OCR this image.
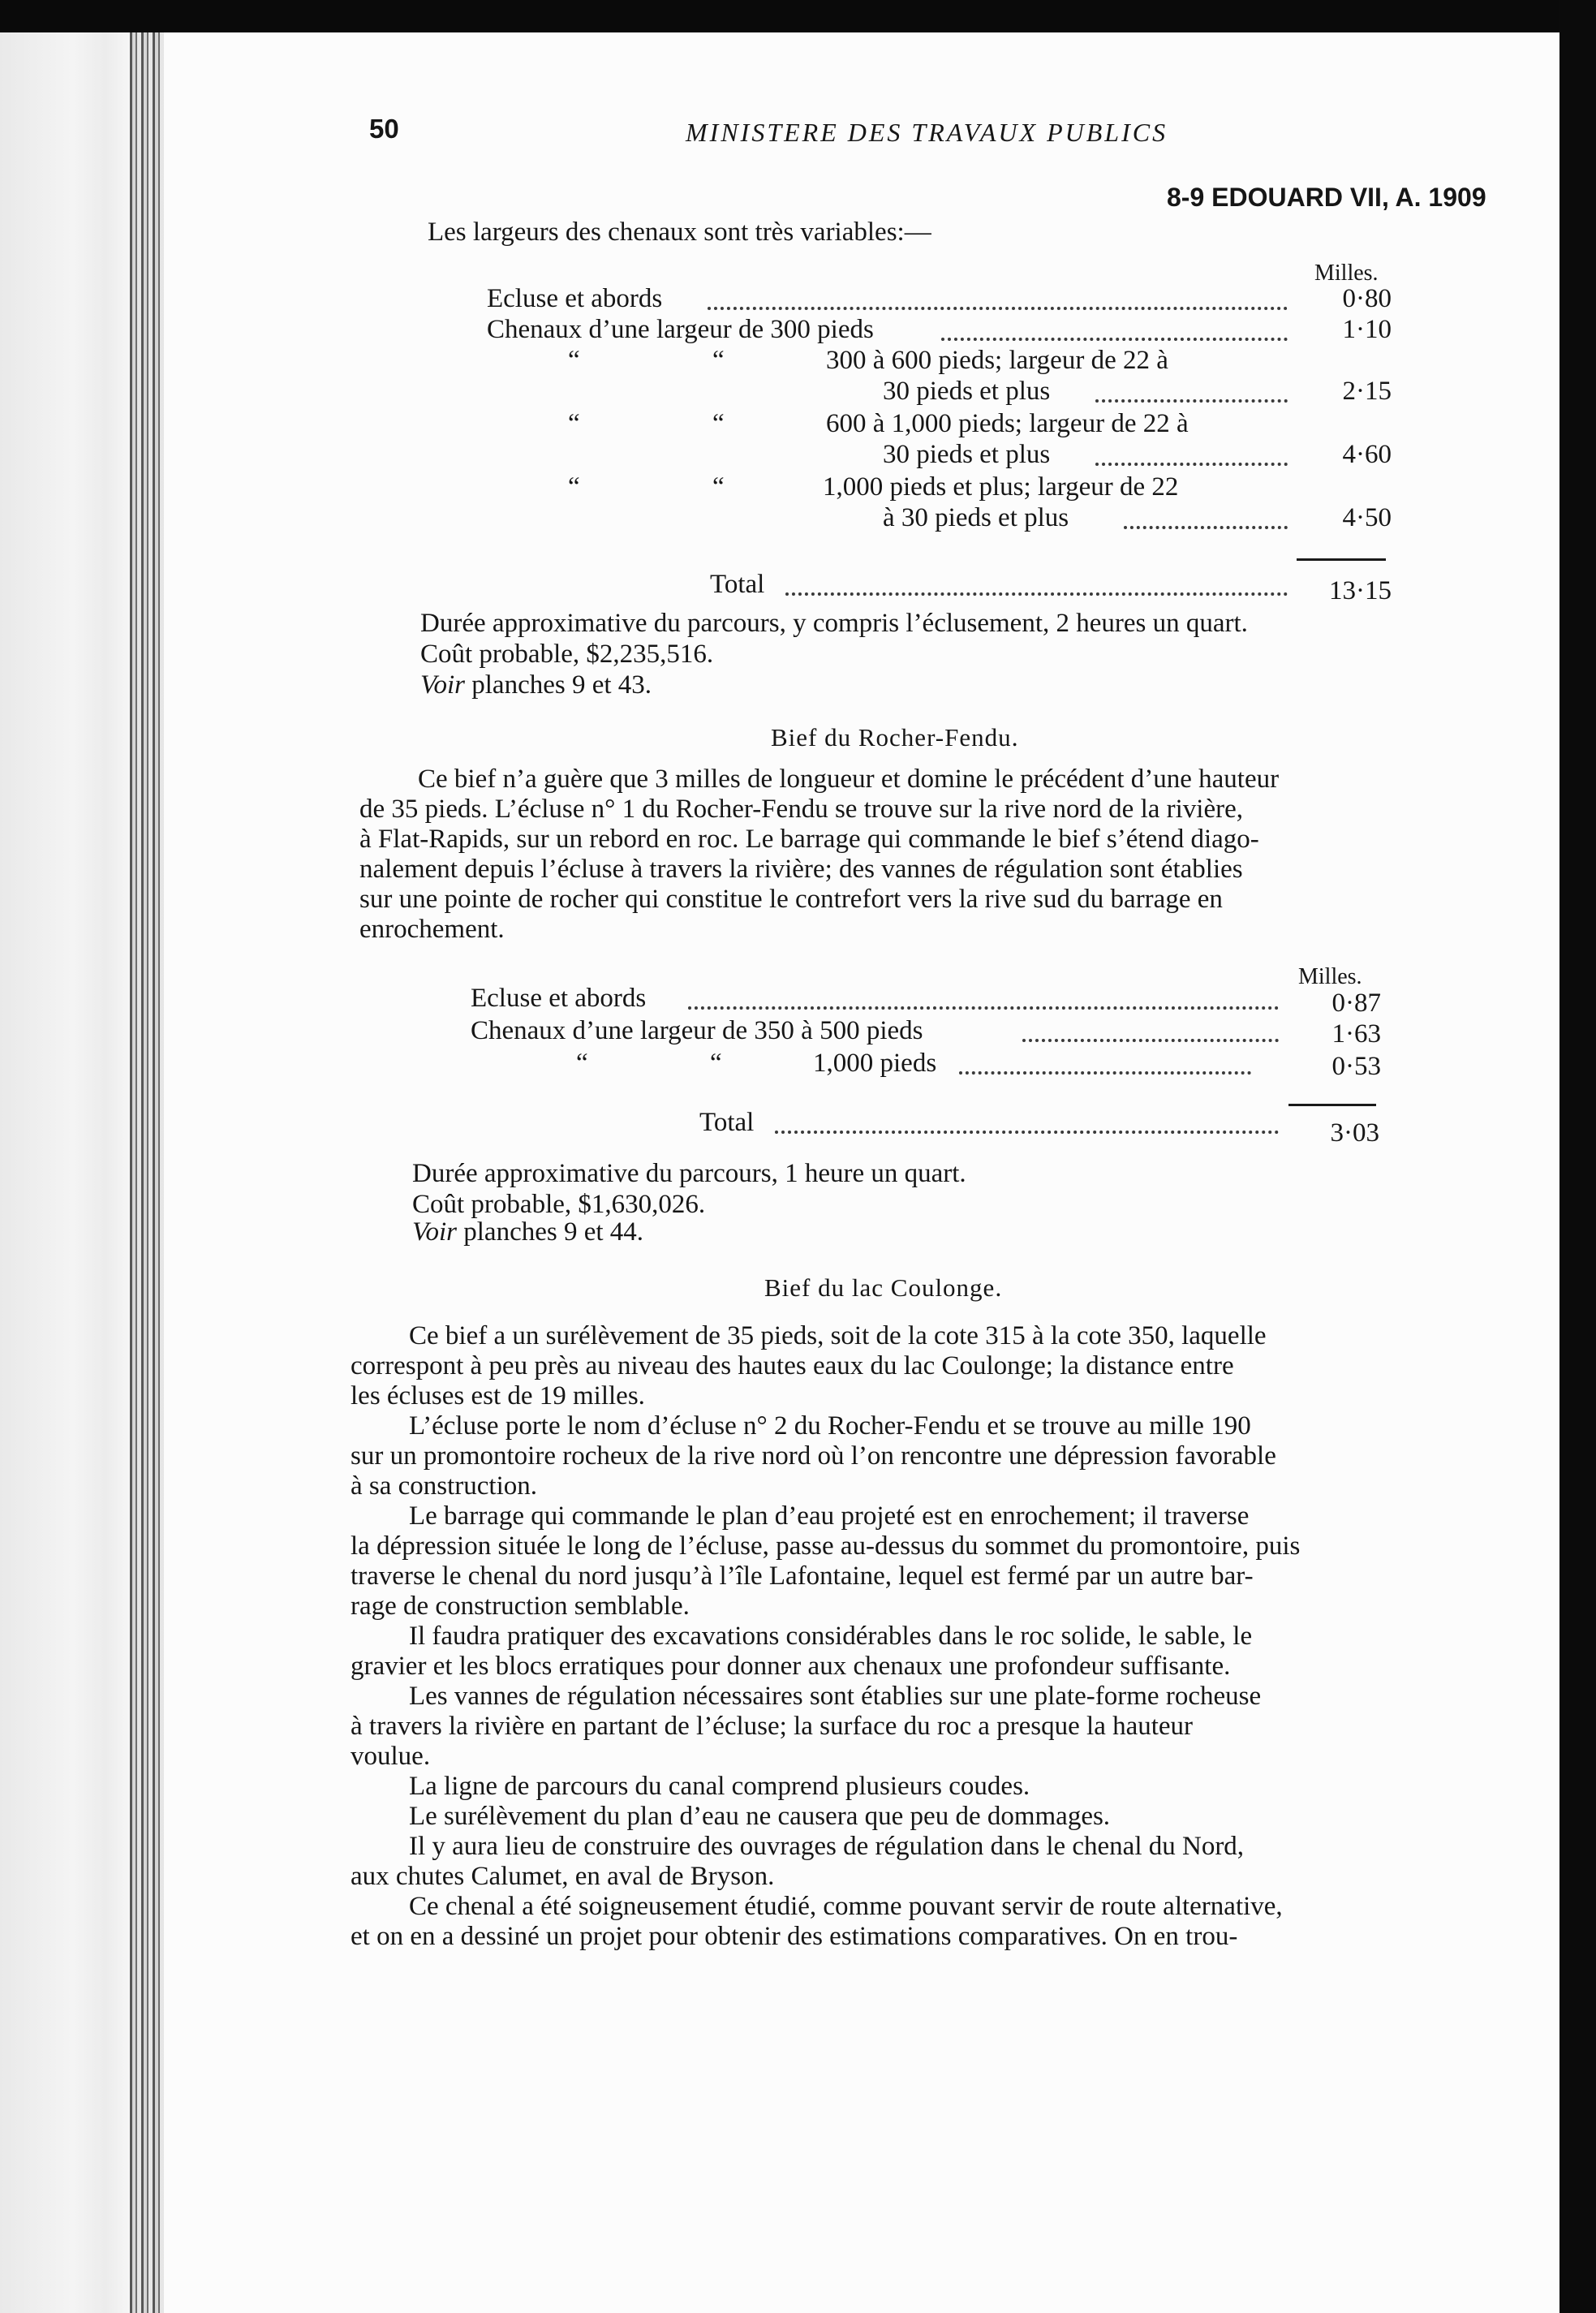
50	MINISTERE DES TRAVAUX PUBLICS
8-9 EDOUARD VII, A. 1909
Les largeurs des chenaux sont très variables:—
Milles.
Ecluse et abords	0·80
Chenaux d’une largeur de 300 pieds	1·10
“	“	300 à 600 pieds; largeur de 22 à
30 pieds et plus	2·15
“	“	600 à 1,000 pieds; largeur de 22 à
30 pieds et plus	4·60
“	“	1,000 pieds et plus; largeur de 22
à 30 pieds et plus	4·50
Total	13·15
Durée approximative du parcours, y compris l’éclusement, 2 heures un quart.
Coût probable, $2,235,516.
Voir planches 9 et 43.
Bief du Rocher-Fendu.
Ce bief n’a guère que 3 milles de longueur et domine le précédent d’une hauteur
de 35 pieds. L’écluse n° 1 du Rocher-Fendu se trouve sur la rive nord de la rivière,
à Flat-Rapids, sur un rebord en roc. Le barrage qui commande le bief s’étend diago-
nalement depuis l’écluse à travers la rivière; des vannes de régulation sont établies
sur une pointe de rocher qui constitue le contrefort vers la rive sud du barrage en
enrochement.
Milles.
Ecluse et abords	0·87
Chenaux d’une largeur de 350 à 500 pieds	1·63
“	“	1,000 pieds	0·53
Total	3·03
Durée approximative du parcours, 1 heure un quart.
Coût probable, $1,630,026.
Voir planches 9 et 44.
Bief du lac Coulonge.
Ce bief a un surélèvement de 35 pieds, soit de la cote 315 à la cote 350, laquelle
correspont à peu près au niveau des hautes eaux du lac Coulonge; la distance entre
les écluses est de 19 milles.
L’écluse porte le nom d’écluse n° 2 du Rocher-Fendu et se trouve au mille 190
sur un promontoire rocheux de la rive nord où l’on rencontre une dépression favorable
à sa construction.
Le barrage qui commande le plan d’eau projeté est en enrochement; il traverse
la dépression située le long de l’écluse, passe au-dessus du sommet du promontoire, puis
traverse le chenal du nord jusqu’à l’île Lafontaine, lequel est fermé par un autre bar-
rage de construction semblable.
Il faudra pratiquer des excavations considérables dans le roc solide, le sable, le
gravier et les blocs erratiques pour donner aux chenaux une profondeur suffisante.
Les vannes de régulation nécessaires sont établies sur une plate-forme rocheuse
à travers la rivière en partant de l’écluse; la surface du roc a presque la hauteur
voulue.
La ligne de parcours du canal comprend plusieurs coudes.
Le surélèvement du plan d’eau ne causera que peu de dommages.
Il y aura lieu de construire des ouvrages de régulation dans le chenal du Nord,
aux chutes Calumet, en aval de Bryson.
Ce chenal a été soigneusement étudié, comme pouvant servir de route alternative,
et on en a dessiné un projet pour obtenir des estimations comparatives. On en trou-
